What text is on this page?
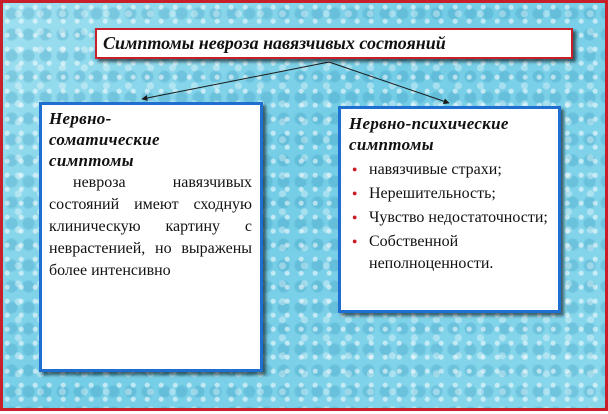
Симптомы невроза навязчивых состояний
Нервно-
соматические
симптомы
невроза навязчивых состояний имеют сходную клиническую картину с неврастенией, но выражены более интенсивно
Нервно-психические
симптомы
● навязчивые страхи;
● Нерешительность;
● Чувство недостаточности;
● Собственной неполноценности.
